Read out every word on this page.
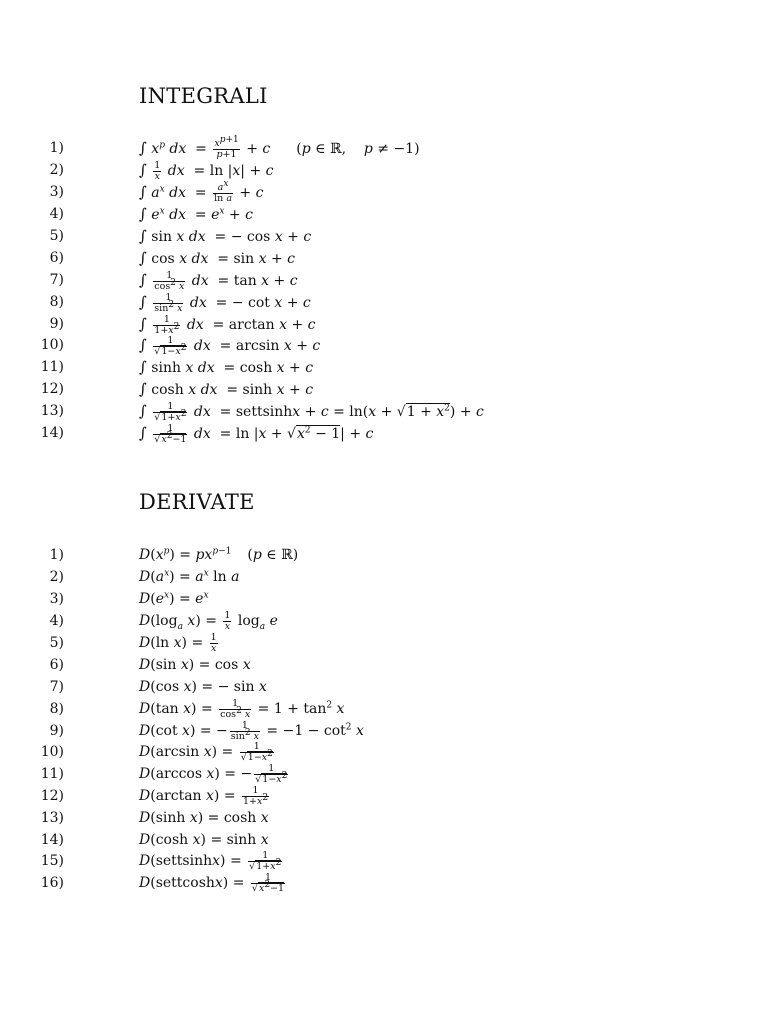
INTEGRALI
1)	∫ $x^p$ dx  = $\frac{x^{p+1}}{p+1} + c$ (p ∈ ℝ,    p ≠ −1)
2)	∫ $\frac{1}{x}$ dx  = ln |x| + c
3)	∫ $a^x$ dx  = $\frac{a^x}{\text{ln a}} + c$
4)	∫ $e^x$ dx  = $e^x + c$
5)	∫ sin x dx  = − cos x + c
6)	∫ cos x dx  = sin x + c
7)	∫ $\frac{1}{\cos^2 x}$ dx  = tan x + c
8)	∫ $\frac{1}{\sin^2 x}$ dx  = − cot x + c
9)	∫ $\frac{1}{1+x^2}$ dx  = arctan x + c
10)	∫ $\frac{1}{√1-x^2}$ dx  = arcsin x + c
11)	∫ sinh x dx  = cosh x + c
12)	∫ cosh x dx  = sinh x + c
13)	∫ $\frac{1}{√1+x^2}$ dx  = settsinhx + $c = \ln(x + √1 + x^2) + c$
14)	∫ $\frac{1}{√x^2-1}$ dx  = $\ln |x + √x^2 - 1| + c$
DERIVATE
1)	$D(x^p) = px^{p-1}$ (p ∈ ℝ)
2)	$D(a^x) = a^x$ ln a
3)	$D(e^x) = e^x$
4)	$D(\log_a$ $x) = \frac{1}{x} \log_a e$
5)	D(ln $x) = \frac{1}{x}$
6)	D(sin x) = cos x
7)	D(cos x) = − sin x
8)	D(tan $x) = \frac{1}{\cos^2 x} = 1 + \tan^2 x$
9)	D(cot x) = − $\frac{1}{\sin^2 x} = -1 - \cot^2 x$
10)	D(arcsin $x) = \frac{1}{√1-x^2}$
11)	D(arccos x) = − $\frac{1}{√1-x^2}$
12)	D(arctan $x) = \frac{1}{1+x^2}$
13)	D(sinh x) = cosh x
14)	D(cosh x) = sinh x
15)	D(settsinhx) = $\frac{1}{√1+x^2}$
16)	D(settcoshx) = $\frac{1}{√x^2-1}$
